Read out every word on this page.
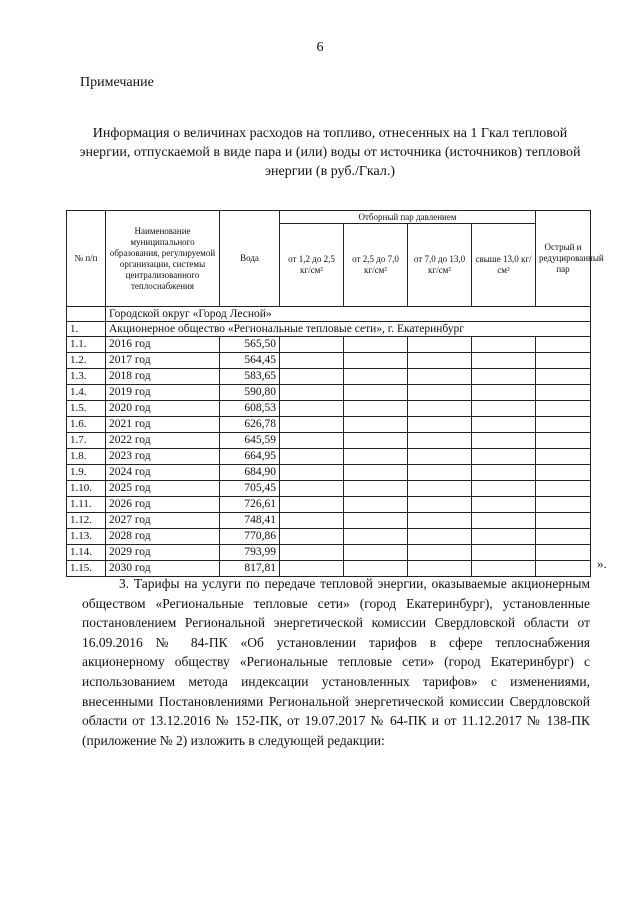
6
Примечание
Информация о величинах расходов на топливо, отнесенных на 1 Гкал тепловой энергии, отпускаемой в виде пара и (или) воды от источника (источников) тепловой энергии (в руб./Гкал.)
№ п/п	Наименование муниципального образования, регулируемой организации, системы централизованного теплоснабжения	Вода	Отборный пар давлением				Острый и редуцированный пар
			от 1,2 до 2,5 кг/см²	от 2,5 до 7,0 кг/см²	от 7,0 до 13,0 кг/см²	свыше 13,0 кг/см²	
	Городской округ «Город Лесной»						
1.	Акционерное общество «Региональные тепловые сети», г. Екатеринбург						
1.1.	2016 год	565,50					
1.2.	2017 год	564,45					
1.3.	2018 год	583,65					
1.4.	2019 год	590,80					
1.5.	2020 год	608,53					
1.6.	2021 год	626,78					
1.7.	2022 год	645,59					
1.8.	2023 год	664,95					
1.9.	2024 год	684,90					
1.10.	2025 год	705,45					
1.11.	2026 год	726,61					
1.12.	2027 год	748,41					
1.13.	2028 год	770,86					
1.14.	2029 год	793,99					
1.15.	2030 год	817,81						».
3. Тарифы на услуги по передаче тепловой энергии, оказываемые акционерным обществом «Региональные тепловые сети» (город Екатеринбург), установленные постановлением Региональной энергетической комиссии Свердловской области от 16.09.2016 № 84-ПК «Об установлении тарифов в сфере теплоснабжения акционерному обществу «Региональные тепловые сети» (город Екатеринбург) с использованием метода индексации установленных тарифов» с изменениями, внесенными Постановлениями Региональной энергетической комиссии Свердловской области от 13.12.2016 № 152-ПК, от 19.07.2017 № 64-ПК и от 11.12.2017 № 138-ПК (приложение № 2) изложить в следующей редакции:
